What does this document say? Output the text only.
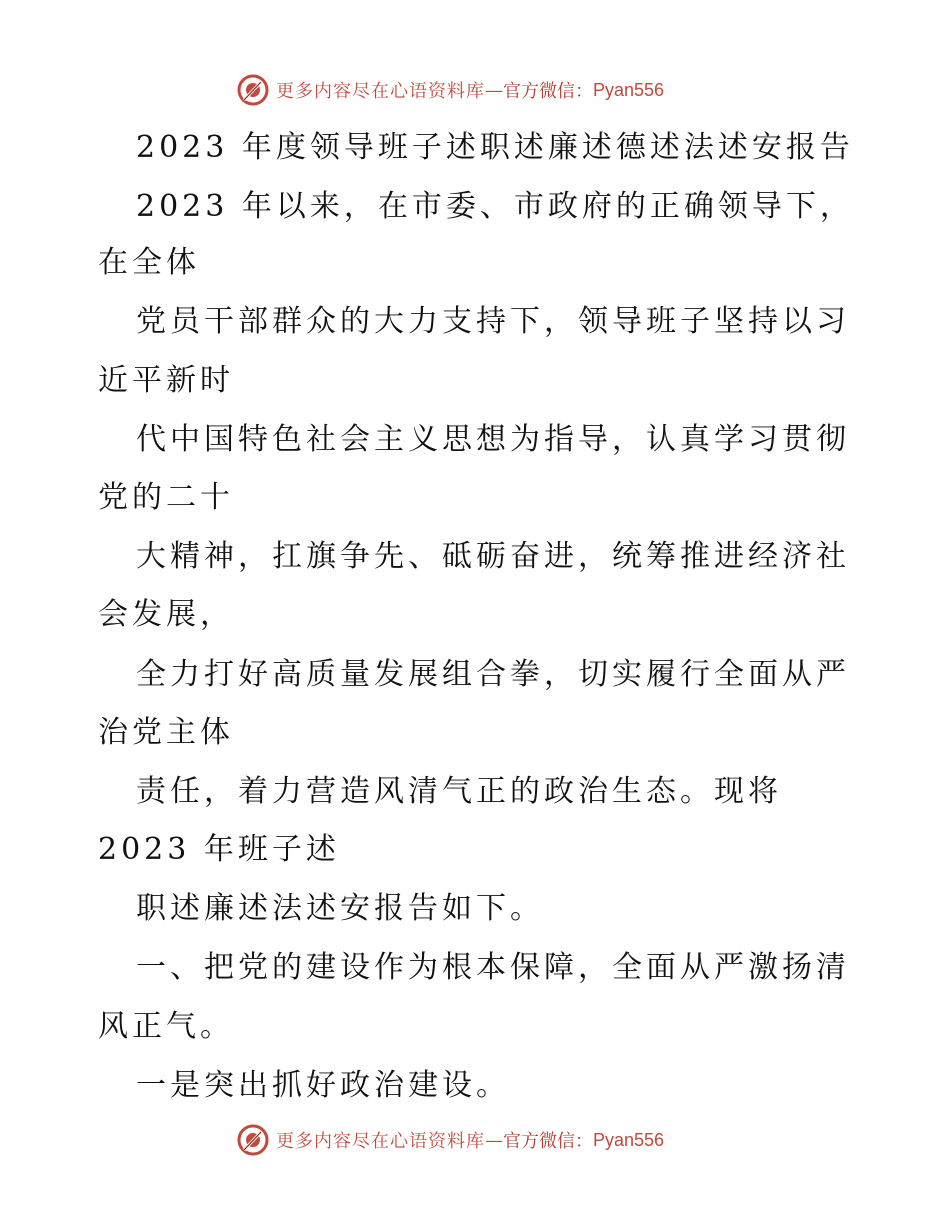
更多内容尽在心语资料库 — 官方微信： Pyan556

2023 年度领导班子述职述廉述德述法述安报告

2023 年以来，在市委、市政府的正确领导下，

在全体

党员干部群众的大力支持下，领导班子坚持以习

近平新时

代中国特色社会主义思想为指导，认真学习贯彻

党的二十

大精神，扛旗争先、砥砺奋进，统筹推进经济社

会发展，

全力打好高质量发展组合拳，切实履行全面从严

治党主体

责任，着力营造风清气正的政治生态。现将

2023 年班子述

职述廉述法述安报告如下。

一、把党的建设作为根本保障，全面从严激扬清

风正气。

一是突出抓好政治建设。

更多内容尽在心语资料库 — 官方微信： Pyan556
